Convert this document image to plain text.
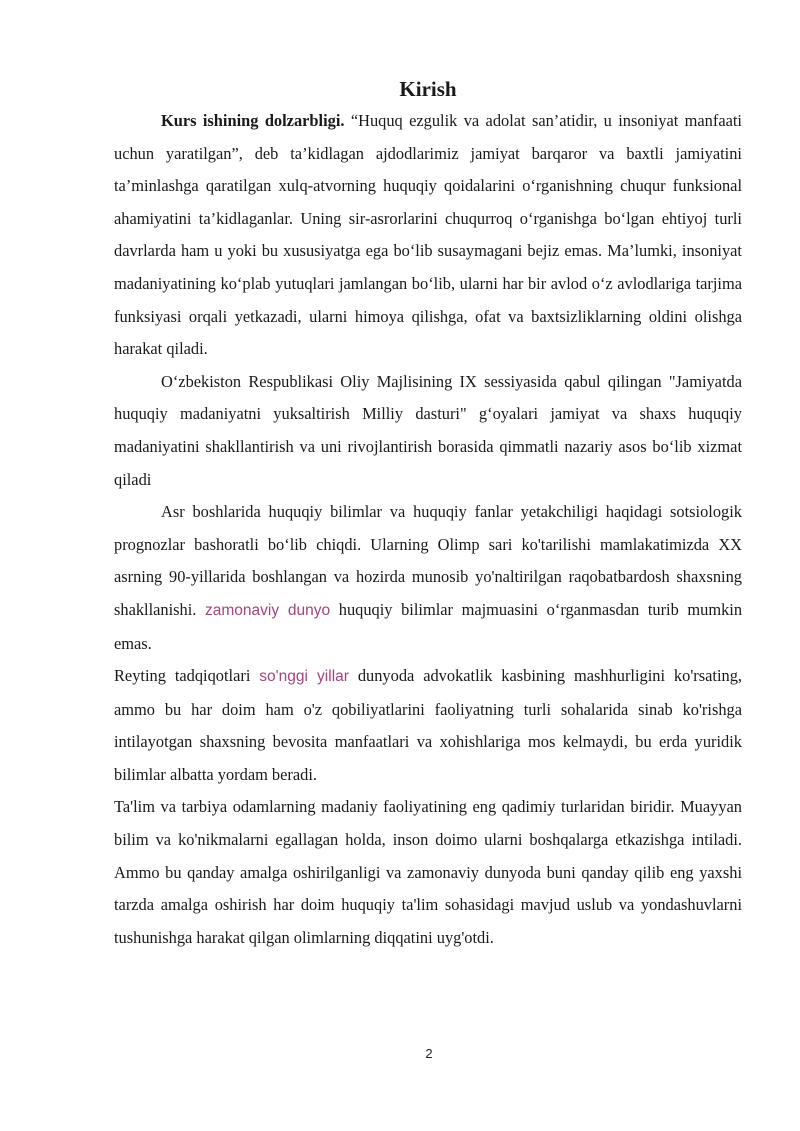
Kirish

Kurs ishining dolzarbligi. “Huquq ezgulik va adolat san’atidir, u insoniyat manfaati uchun yaratilgan”, deb ta’kidlagan ajdodlarimiz jamiyat barqaror va baxtli jamiyatini ta’minlashga qaratilgan xulq-atvorning huquqiy qoidalarini o‘rganishning chuqur funksional ahamiyatini ta’kidlaganlar. Uning sir-asrorlarini chuqurroq o‘rganishga bo‘lgan ehtiyoj turli davrlarda ham u yoki bu xususiyatga ega bo‘lib susaymagani bejiz emas. Ma’lumki, insoniyat madaniyatining ko‘plab yutuqlari jamlangan bo‘lib, ularni har bir avlod o‘z avlodlariga tarjima funksiyasi orqali yetkazadi, ularni himoya qilishga, ofat va baxtsizliklarning oldini olishga harakat qiladi.

O‘zbekiston Respublikasi Oliy Majlisining IX sessiyasida qabul qilingan "Jamiyatda huquqiy madaniyatni yuksaltirish Milliy dasturi" g‘oyalari jamiyat va shaxs huquqiy madaniyatini shakllantirish va uni rivojlantirish borasida qimmatli nazariy asos bo‘lib xizmat qiladi

Asr boshlarida huquqiy bilimlar va huquqiy fanlar yetakchiligi haqidagi sotsiologik prognozlar bashoratli bo‘lib chiqdi. Ularning Olimp sari ko'tarilishi mamlakatimizda XX asrning 90-yillarida boshlangan va hozirda munosib yo'naltirilgan raqobatbardosh shaxsning shakllanishi. zamonaviy dunyo huquqiy bilimlar majmuasini o‘rganmasdan turib mumkin emas.

Reyting tadqiqotlari so'nggi yillar dunyoda advokatlik kasbining mashhurligini ko'rsating, ammo bu har doim ham o'z qobiliyatlarini faoliyatning turli sohalarida sinab ko'rishga intilayotgan shaxsning bevosita manfaatlari va xohishlariga mos kelmaydi, bu erda yuridik bilimlar albatta yordam beradi.

Ta'lim va tarbiya odamlarning madaniy faoliyatining eng qadimiy turlaridan biridir. Muayyan bilim va ko'nikmalarni egallagan holda, inson doimo ularni boshqalarga etkazishga intiladi. Ammo bu qanday amalga oshirilganligi va zamonaviy dunyoda buni qanday qilib eng yaxshi tarzda amalga oshirish har doim huquqiy ta'lim sohasidagi mavjud uslub va yondashuvlarni tushunishga harakat qilgan olimlarning diqqatini uyg'otdi.

2
